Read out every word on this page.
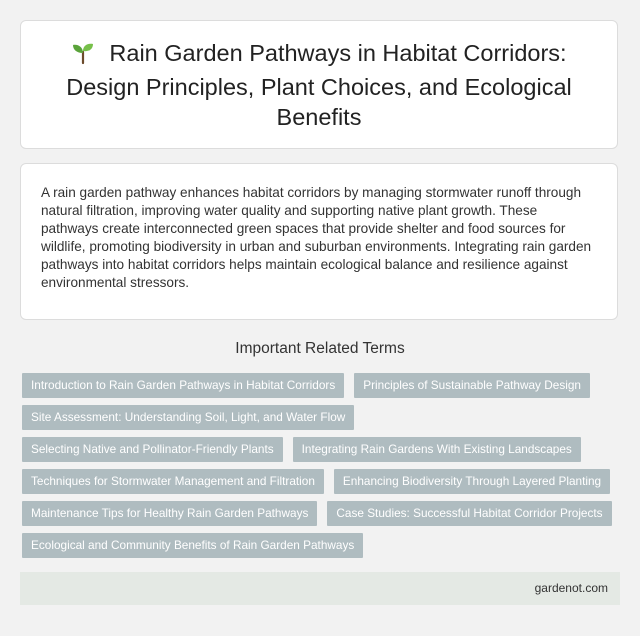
Rain Garden Pathways in Habitat Corridors: Design Principles, Plant Choices, and Ecological Benefits

A rain garden pathway enhances habitat corridors by managing stormwater runoff through natural filtration, improving water quality and supporting native plant growth. These pathways create interconnected green spaces that provide shelter and food sources for wildlife, promoting biodiversity in urban and suburban environments. Integrating rain garden pathways into habitat corridors helps maintain ecological balance and resilience against environmental stressors.

Important Related Terms
Introduction to Rain Garden Pathways in Habitat Corridors	Principles of Sustainable Pathway Design
Site Assessment: Understanding Soil, Light, and Water Flow
Selecting Native and Pollinator-Friendly Plants	Integrating Rain Gardens With Existing Landscapes
Techniques for Stormwater Management and Filtration	Enhancing Biodiversity Through Layered Planting
Maintenance Tips for Healthy Rain Garden Pathways	Case Studies: Successful Habitat Corridor Projects
Ecological and Community Benefits of Rain Garden Pathways
gardenot.com
